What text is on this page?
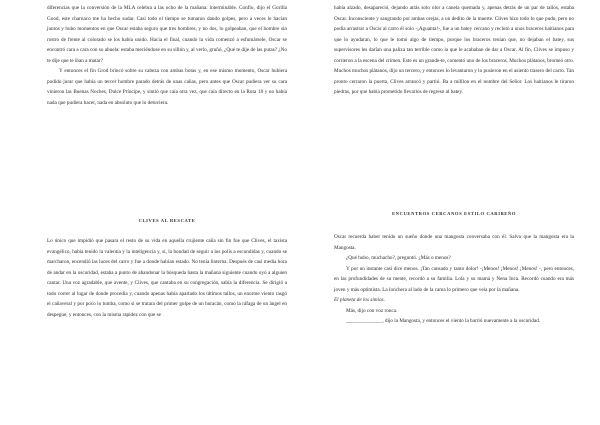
diferencias que la conversión de la MLA celebra a las ocho de la mañana: intermináble. Confio, dijo el Gorilla Good, este charnaco me ha hecho sudar. Casi todo el tiempo se tumaron dando golpes, pero a veces le hacían juntos y hubo momentos en que Oscar estaba seguro que tres hombres, y no dos, lo golpeaban, que el hombre sin rostro de frente al colorado se los había unido. Hacia el final, cuando la vida comenzó a esfumársele, Oscar se encontró cara a cara con su abuela: estaba meciéndose en su sillón y, al verlo, gruñó, ¿Qué te dije de las putas? ¿No te dije que te iban a matar?

Y entonces el fin Grod brincó sobre su cabeza con ambas botas y, en ese mismo momento, Oscar hubiera podido jurar que había un tercer hombre parado detrás de unas cañas, pero antes que Oscar pudiera ver su cara vinieron las Buenas Noches, Dulce Príncipe, y sintió que caía otra vez, que caía directo en la Ruta 18 y no había nada que pudiera hacer, nada en absoluto que lo detuviera.

CLIVES AL RESCATE

Lo único que impidió que pasara el resto de su vida en aquella crujiente caña sin fin fue que Clives, el taxista evangélico, había tenido la valentía y la inteligencia y, sí, la bondad de seguir a los polis a escondidas y, cuando se marcharon, encendió las luces del carro y fue a donde habían estado. No tenía linterna. Después de casi media hora de andar en la oscuridad, estaba a punto de abandonar la búsqueda hasta la mañana siguiente cuando oyó a alguien cantar. Una voz agradable, que avente, y Clives, que cantaba en su congregación, sabía la diferencia. Se dirigió a todo correr al lugar de donde procedía y, cuando apenas había apartado los últimos tallos, un enorme viento rasgó el cañaveral y por poco lo tumba, como si se tratara del primer golpe de un huracán, como la ráfaga de un ángel en despegue, y entonces, con la misma rapidez con que se

había alzado, desapareció, dejando atrás solo olor a canela quemada y, apenas detrás de un par de tallos, estaba Oscar. Inconsciente y sangrando por ambas orejas, a un dedito de la muerte. Clives hizo todo lo que pudo, pero no podía arrastrar a Oscar al carro él solo -¡Aguanta!-, fue a un batey cercano y reclutó a unos braceros haitianos para que lo ayudaran, lo que le tomó algo de tiempo, porque los braceros tenían que, no dejaban el batey, sus supervisores les darían una paliza tan terrible como la que le acababan de dar a Oscar. Al fin, Clives se impuso y corrieron a la escena del crimen. Este es un grande-te, comentó uno de los braceros. Muchos plátanos, bromeó otro. Muchos muchos plátanos, dijo un tercero, y entonces lo levantaron y lo pusieron en el asiento trasero del carro. Tan pronto cerraron la puerta, Clives arrancó y partió. Ba a milllon en el nombre del Señor. Los haitianos le tiraron piedras, por que había prometido llevarlos de regreso al batey.

ENCUENTROS CERCANOS ESTILO CARIBEÑO

Oscar recuerda haber tenido un sueño donde una mangosta conversaba con él. Salvo que la mangosta era la Mangosta.

¿Qué hubo, muchacho?, preguntó. ¿Más o menos?

Y por un instante casi dice menos. ¡Tan cansado y tanto dolor! -¡Menos! ¡Menos! ¡Menos! -, pero entonces, en las profundidades de su mente, recordó a su familia. Lola y su mamá y Nena Inca. Recordó cuando era más joven y más optimista. La lonchera al lado de la cama lo primero que veía por la mañana.

El planeta de los simios.

Más, dijo con voz ronca.

______________, dijo la Mangosta, y entonces el viento la barrió nuevamente a la oscuridad.
